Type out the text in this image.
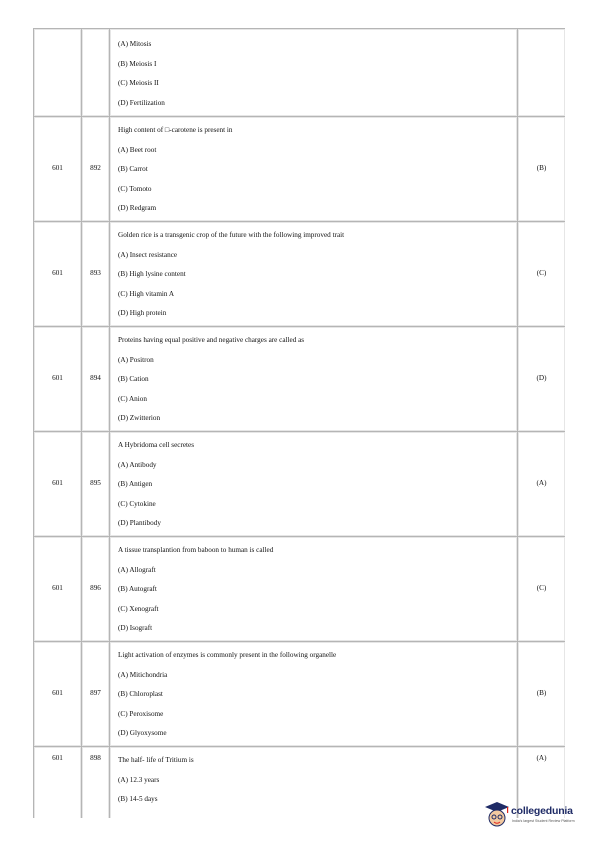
		(A) Mitosis
(B) Meiosis I
(C) Meiosis II
(D) Fertilization	

601	892	High content of □-carotene is present in
(A) Beet root
(B) Carrot
(C) Tomoto
(D) Redgram	(B)
601	893	Golden rice is a transgenic crop of the future with the following improved trait
(A) Insect resistance
(B) High lysine content
(C) High vitamin A
(D) High protein	(C)
601	894	Proteins having equal positive and negative charges are called as
(A) Positron
(B) Cation
(C) Anion
(D) Zwitterion	(D)
601	895	A Hybridoma cell secretes
(A) Antibody
(B) Antigen
(C) Cytokine
(D) Plantibody	(A)
601	896	A tissue transplantion from baboon to human is called
(A) Allograft
(B) Autograft
(C) Xenograft
(D) Isograft	(C)
601	897	Light activation of enzymes is commonly present in the following organelle
(A) Mitichondria
(B) Chloroplast
(C) Peroxisome
(D) Glyoxysome	(B)
601	898	The half- life of Tritium is
(A) 12.3 years
(B) 14-5 days	(A)
collegedunia
India's largest Student Review Platform
